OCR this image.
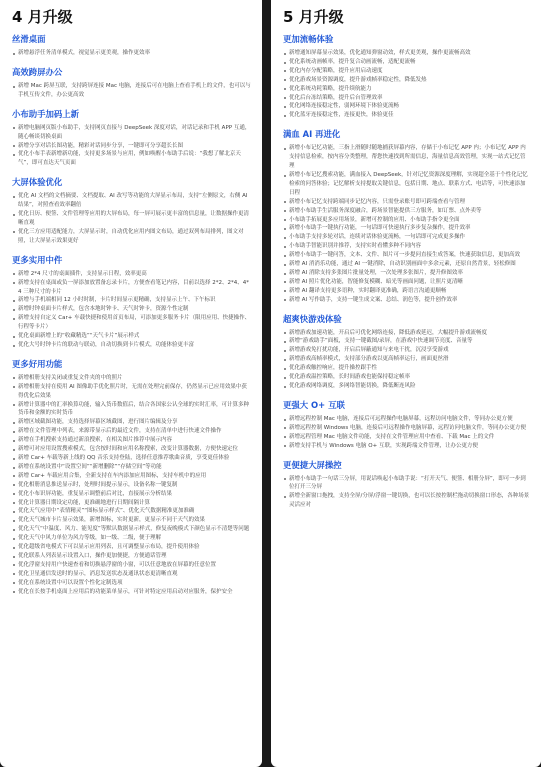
4 月升级
丝滑桌面
新增悬浮任务清单模式，视觉显示更美观，操作更效率
高效跨屏办公
新增 Mac 跨屏互联，支持跨屏连接 Mac 电脑，连接后可在电脑上查看手机上的文件，也可以与手机互传文件，办公更高效
小布助手加码上新
新增电脑网页版小布助手，支持网页直接与 DeepSeek 深度对话，对话记录和手机 APP 互通，随心畅谈切换桌面
新增分享对话长图功能，精彩对话同步分享，一键即可分享超长长图
优化小布手表新增新功能，支持更多场景与应用，例如唤醒小布助手后说：“我想了解北京天气”，即可直达天气页面
大屏体验优化
优化 AI 文档的文档摘要、文档提取、AI 改写等功能的大屏显示布局，支持“左侧原文，右侧 AI 结果”，对照查看效率翻倍
优化日历、便签、文件管理等应用的大屏布局，每一屏可展示更丰富的信息量，让数据操作更清晰直观
优化三方应用适配能力，大屏显示时，自动优化应用内图文布局，通过双列布局排列，图文对照，让大屏显示效果更好
更多实用中件
新增 2*4 尺寸的桌面插件，支持显示日程，效率更高
新增支持在桌面或负一屏添加放置备忘录卡片，方便查看笔记内容，目前以选择 2*2、2*4、4*4 三种尺寸的卡片
新增与手机端相同 12 小时时制，卡片时间显示更精确，支持显示上午、下午标识
新增时钟桌面卡片样式，包含本地时钟卡、天气时钟卡，资源个性定制
新增支持自定义 Car+ 车载快捷和使用首页布局，可添加更多服务卡片（限用应用、快捷操作、行程等卡片）
优化桌面新增上的“收藏精选”“天气卡片”展示样式
优化大号时钟卡片的联动与联动，自动切换到卡片模式，功能体验更丰富
更多好用功能
新增相册支持关闭或重复文件夹的中的照片
新增相册支持在使用 AI 图像助手优化照片时，无需在处理完前保存，仍然显示已应用效果中获得优化后效果
新增计算器中的汇率换算功能，输入货币数值后，结合各国家公认全球的实时汇率，可计算多种货币和金额的实时货币
新增区域截图功能，支持选择屏幕区域截图，进行图片编辑及分享
新增在文件管理中列表，来源带显示后的最近文件，支持在清单中进行快速文件操作
新增在手机搜索支持通过新浪搜索，在相关图片推荐中展示内容
新增可对应用设置搜索模式，包含按时间和应用名称搜索，改变计算器数据，方便快速定位
新增 Car+ 车载等新上线的 QQ 音乐支持登陆，选择任意推荐歌曲音质，享受更佳体验
新增在系统设置中“设置空间”“新增删除”“存储空间”等功能
新增 Car+ 车载应用合集，全新支持在车内添加应用图标，支持车机中的应用
优化相册消息推送显示时，处理时间提示显示，设备名称一键复制
优化小布识屏功能，重复显示调整前后对比，直接展示分析结果
优化计算器日期设定功能，更准确地进行日期间隔计算
优化天气应用中“表情精灵”“图标显示样式”、优化天气数据精准更加准确
优化天气城市卡片显示效果，新增图标，实时更新，更显示不同于天气的效果
优化天气“中温度、风力、能见度”等默认数据显示样式，修复夜晚模式下颜色显示不清楚等问题
优化天气中风力单位为风力等级，如一级、二级，便于理解
优化超级省电模式下可以显示应用列表，且可调整显示布局，提升使用体验
优化联系人列表显示设置入口，操作更加便捷，方便通话管理
优化浮窗支持用户快速查看和切换悬浮窗的小窗，可以任意地放在屏幕的任意位置
优化卫星通信发送时的显示，消息发送状态及通讯状态更清晰直观
优化在系统设置中可以设置个性化定制选项
优化在长按手机桌面上应用后的功能菜单显示，可针对特定应用启动对应服务，保护安全
5 月升级
更加流畅体验
新增通知屏幕显示效果，优化通知弹窗动效，样式更美观，操作更流畅高效
优化系统动画帧率，提升复合动画流畅，适配更流畅
优化内存分配策略，提升应用启动速度
优化游戏场景资源调度，提升游戏帧率稳定性，降低发热
优化系统功耗策略，提升续航能力
优化后台冻结策略，提升后台管理效率
优化网络连接稳定性，弱网环境下体验更流畅
优化蓝牙连接稳定性，连接更快，体验更佳
满血 AI 再进化
新增小布记忆功能，三指上滑随时随地捕获屏幕内容，存储于小布记忆 APP 内；小布记忆 APP 内支持信息检索，按内容分类整理，帮您快速找到所需信息，海量信息高效管理，实现一站式记忆管理
新增小布记忆搜索功能，满血接入 DeepSeek，针对记忆资源深度理解，实现超全基于个性化记忆检索的问答体验；记忆解析支持提取关键信息，包括日期、地点、联系方式、电话等，可快速添加日程
新增小布记忆支持跨端同步记忆内容，只需登录账号即可跨端查看与管理
新增小布助手生活服务深度融合，跨场景智能提供三方服务，如订票、点外卖等
小布助手拓展更多应用场景，新增可控制的应用、小布助手指令更全面
新增小布助手一键执行功能，一句话即可快速执行多步复杂操作，提升效率
小布助手支持多轮对话，连续对话体验更流畅，一句话即可完成更多操作
小布助手智能识别并推荐，支持实时看懂多种不同内容
新增小布助手一键问答，文本、文件、图片可一步提问直接生成答案，快速获取信息，更加高效
新增 AI 消消乐功能，通过 AI 一键消除，自动识别画面中多余元素，还原自然背景，轻松修图
新增 AI 消除支持多张图片批量处理，一次处理多张图片，提升修图效率
新增 AI 照片优化功能，智能修复模糊、暗光等画面问题，让照片更清晰
新增 AI 翻译支持更多语种，实时翻译更准确，跨语言沟通更顺畅
新增 AI 写作助手，支持一键生成文案、总结、润色等，提升创作效率
超爽快游戏体验
新增游戏加速功能，开启后可优化网络连接，降低游戏延迟，大幅提升游戏流畅度
新增“游戏助手”面板，支持一键截图/录屏，在游戏中快速调节亮度、音量等
新增游戏免打扰功能，开启后屏蔽通知与来电干扰，沉浸享受游戏
新增游戏高帧率模式，支持部分游戏以更高帧率运行，画面更丝滑
优化游戏触控响应，提升操控跟手性
优化游戏温控策略，长时间游戏也能保持稳定帧率
优化游戏网络调度，多网络智能切换，降低断连风险
更强大 O+ 互联
新增远程控制 Mac 电脑，连接后可远程操作电脑屏幕，远程访问电脑文件，等同办公更方便
新增远程控制 Windows 电脑，连接后可远程操作电脑屏幕，远程访问电脑文件，等同办公更方便
新增远程管理 Mac 电脑文件功能，支持在文件管理应用中查看、下载 Mac 上的文件
新增支持手机与 Windows 电脑 O+ 互联，实现跨端文件管理，让办公更方便
更便捷大屏操控
新增小布助手一句话三分屏，用说话唤起小布助手说：“打开天气、便签、相册分屏”，即可一步到位打开三分屏
新增全新窗口拖拽，支持全屏/分屏/浮窗一键切换，也可以长按控制栏拖动切换窗口形态，各种场景灵活应对
